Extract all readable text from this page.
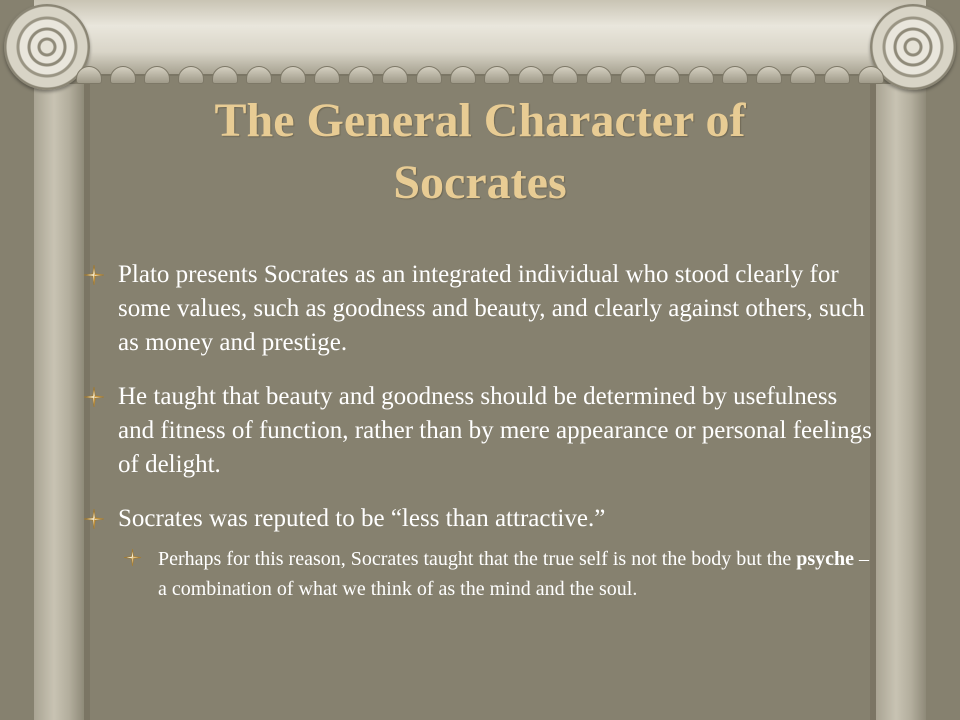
The General Character of
Socrates
Plato presents Socrates as an integrated individual who stood clearly for some values, such as goodness and beauty, and clearly against others, such as money and prestige.
He taught that beauty and goodness should be determined by usefulness and fitness of function, rather than by mere appearance or personal feelings of delight.
Socrates was reputed to be “less than attractive.”
Perhaps for this reason, Socrates taught that the true self is not the body but the psyche – a combination of what we think of as the mind and the soul.
